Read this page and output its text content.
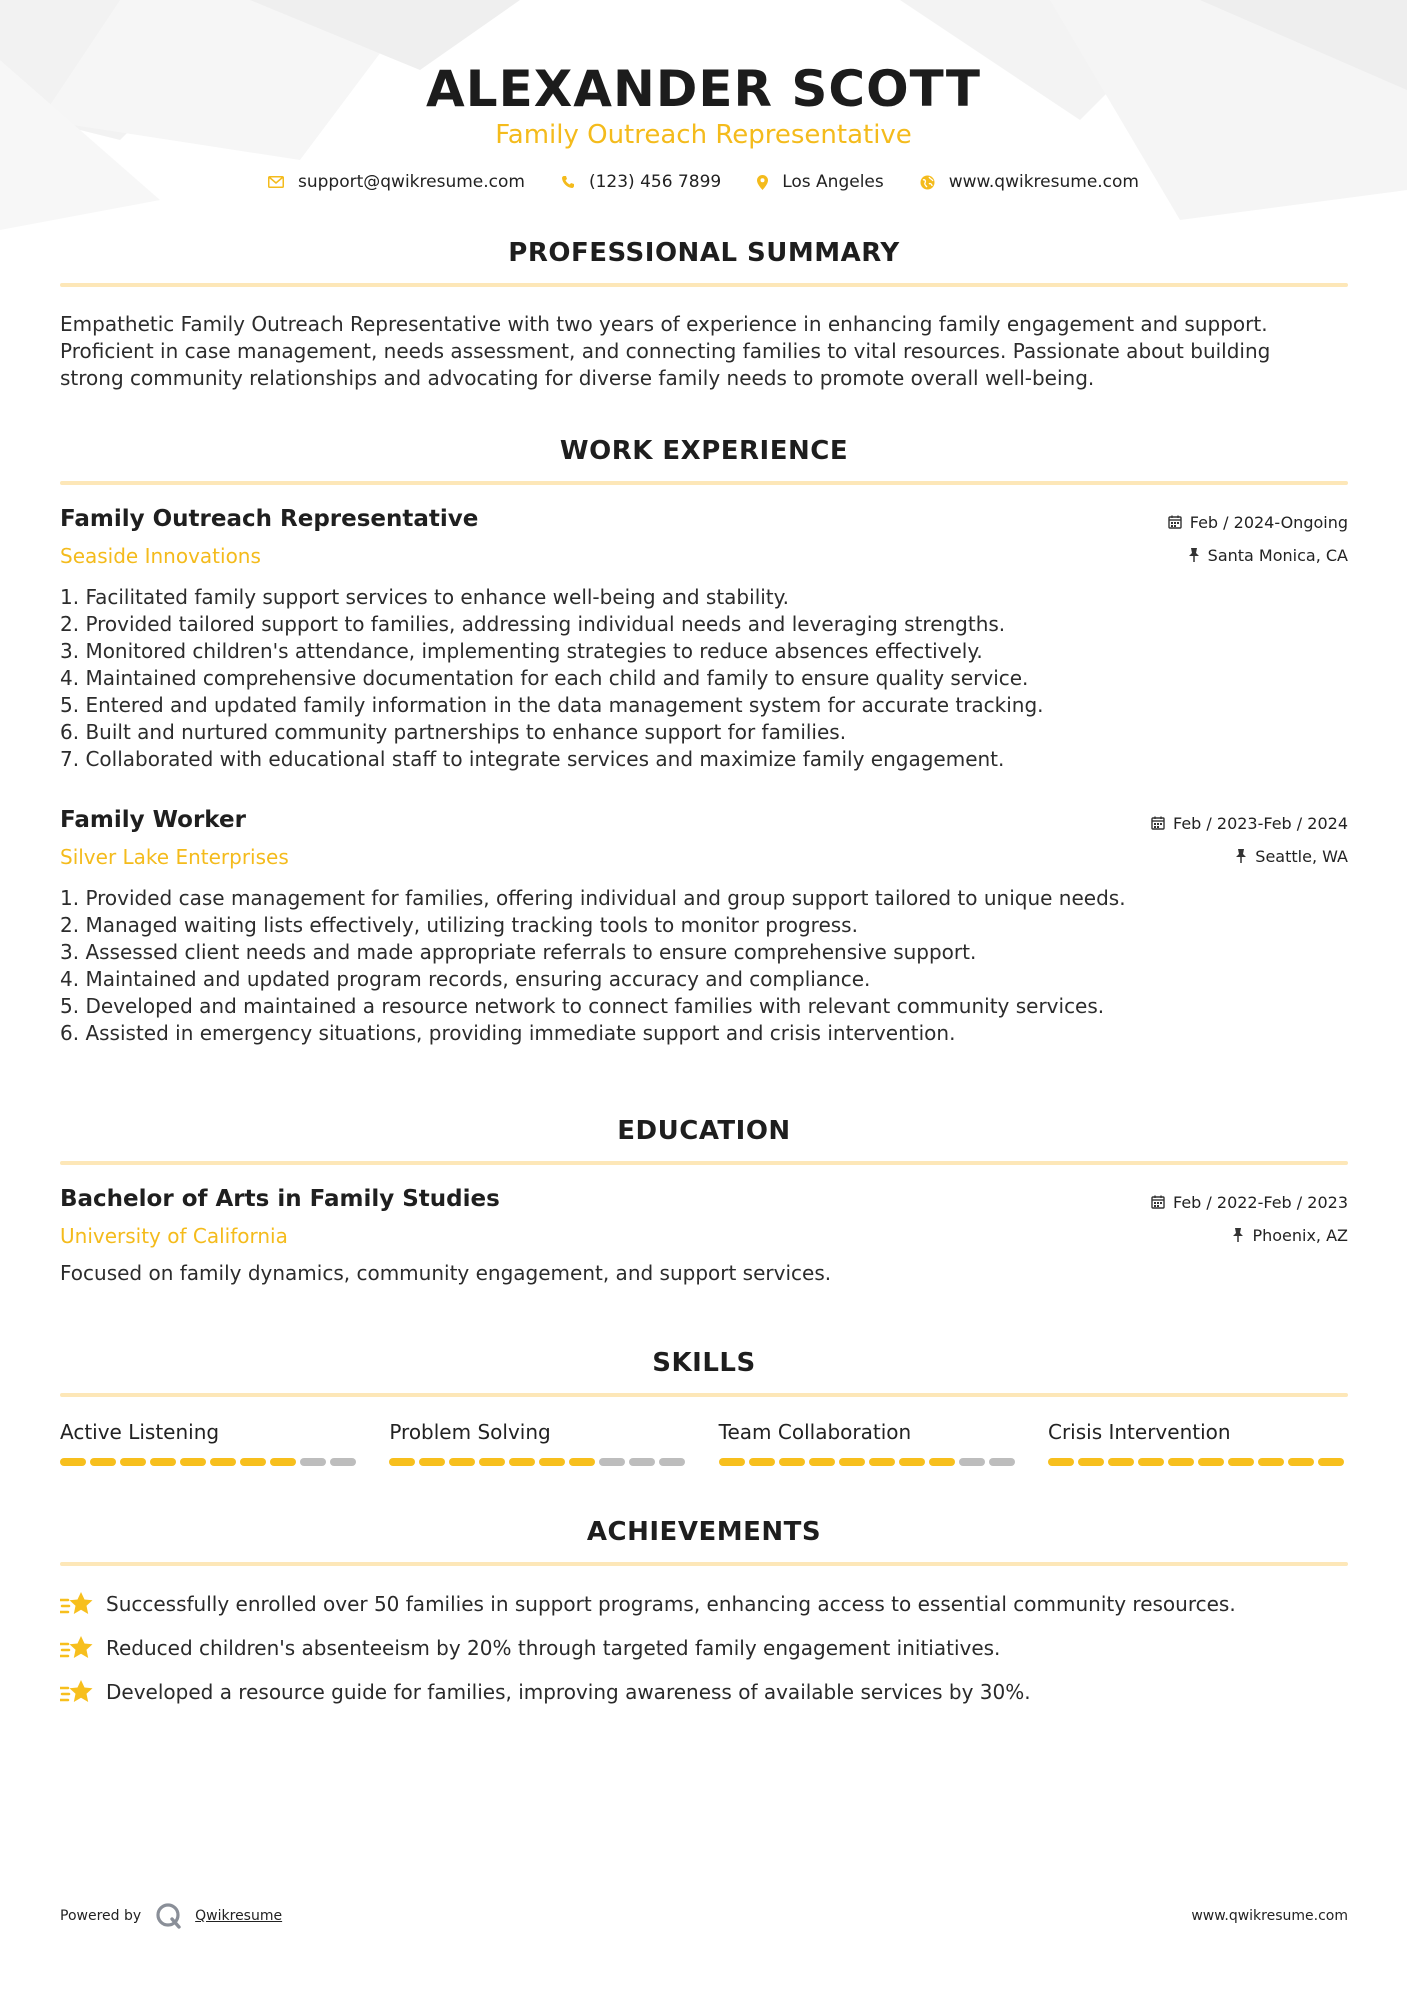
ALEXANDER SCOTT
Family Outreach Representative
support@qwikresume.com	(123) 456 7899	Los Angeles	www.qwikresume.com
PROFESSIONAL SUMMARY
Empathetic Family Outreach Representative with two years of experience in enhancing family engagement and support.
Proficient in case management, needs assessment, and connecting families to vital resources. Passionate about building
strong community relationships and advocating for diverse family needs to promote overall well-being.
WORK EXPERIENCE
Family Outreach Representative
Seaside Innovations
Feb / 2024-Ongoing
Santa Monica, CA
1. Facilitated family support services to enhance well-being and stability.
2. Provided tailored support to families, addressing individual needs and leveraging strengths.
3. Monitored children's attendance, implementing strategies to reduce absences effectively.
4. Maintained comprehensive documentation for each child and family to ensure quality service.
5. Entered and updated family information in the data management system for accurate tracking.
6. Built and nurtured community partnerships to enhance support for families.
7. Collaborated with educational staff to integrate services and maximize family engagement.
Family Worker
Silver Lake Enterprises
Feb / 2023-Feb / 2024
Seattle, WA
1. Provided case management for families, offering individual and group support tailored to unique needs.
2. Managed waiting lists effectively, utilizing tracking tools to monitor progress.
3. Assessed client needs and made appropriate referrals to ensure comprehensive support.
4. Maintained and updated program records, ensuring accuracy and compliance.
5. Developed and maintained a resource network to connect families with relevant community services.
6. Assisted in emergency situations, providing immediate support and crisis intervention.
EDUCATION
Bachelor of Arts in Family Studies
University of California
Feb / 2022-Feb / 2023
Phoenix, AZ
Focused on family dynamics, community engagement, and support services.
SKILLS
Active Listening	Problem Solving	Team Collaboration	Crisis Intervention
ACHIEVEMENTS
Successfully enrolled over 50 families in support programs, enhancing access to essential community resources.
Reduced children's absenteeism by 20% through targeted family engagement initiatives.
Developed a resource guide for families, improving awareness of available services by 30%.
Powered by	Qwikresume	www.qwikresume.com
